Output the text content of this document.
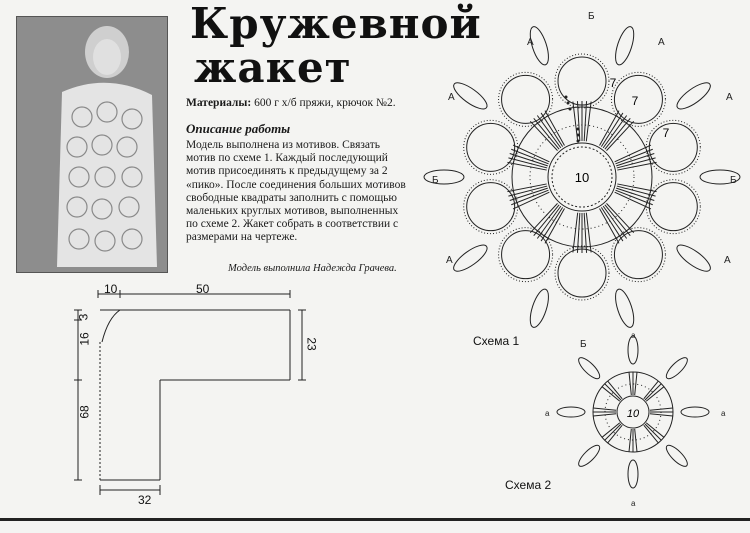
Кружевной
жакет
Материалы: 600 г х/б пряжи, крючок №2.
Описание работы
Модель выполнена из мотивов. Связать мотив по схеме 1. Каждый последующий мотив присоединять к предыдущему за 2 «пико». После соединения больших мотивов свободные квадраты заполнить с помощью маленьких круглых мотивов, выполненных по схеме 2. Жакет собрать в соответствии с размерами на чертеже.
Модель выполнила Надежда Грачева.
10	50
3
16
68
23
32
10
7
7
7
Б
А	А
А	А
Б	Б
А	А
Б
Схема 1
10
а
а	а
а
Схема 2
